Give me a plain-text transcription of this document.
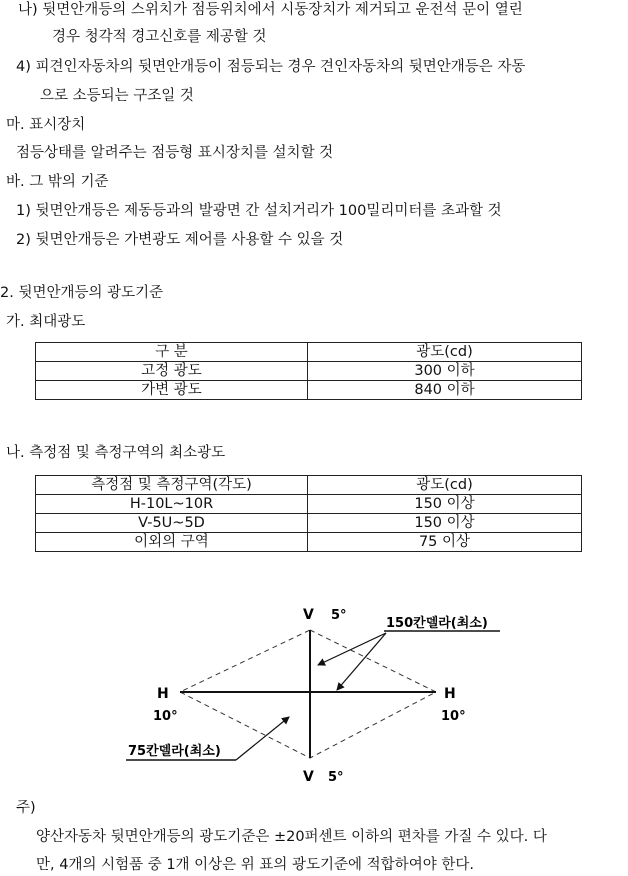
나) 뒷면안개등의 스위치가 점등위치에서 시동장치가 제거되고 운전석 문이 열린
경우 청각적 경고신호를 제공할 것
4) 피견인자동차의 뒷면안개등이 점등되는 경우 견인자동차의 뒷면안개등은 자동
으로 소등되는 구조일 것
마. 표시장치
점등상태를 알려주는 점등형 표시장치를 설치할 것
바. 그 밖의 기준
1) 뒷면안개등은 제동등과의 발광면 간 설치거리가 100밀리미터를 초과할 것
2) 뒷면안개등은 가변광도 제어를 사용할 수 있을 것
2. 뒷면안개등의 광도기준
가. 최대광도
구 분	광도(cd)
고정 광도	300 이하
가변 광도	840 이하
나. 측정점 및 측정구역의 최소광도
측정점 및 측정구역(각도)	광도(cd)
H-10L~10R	150 이상
V-5U~5D	150 이상
이외의 구역	75 이상
V 5°
V 5°
H
10°
H
10°
150칸델라(최소)
75칸델라(최소)
주)
양산자동차 뒷면안개등의 광도기준은 ±20퍼센트 이하의 편차를 가질 수 있다. 다
만, 4개의 시험품 중 1개 이상은 위 표의 광도기준에 적합하여야 한다.
